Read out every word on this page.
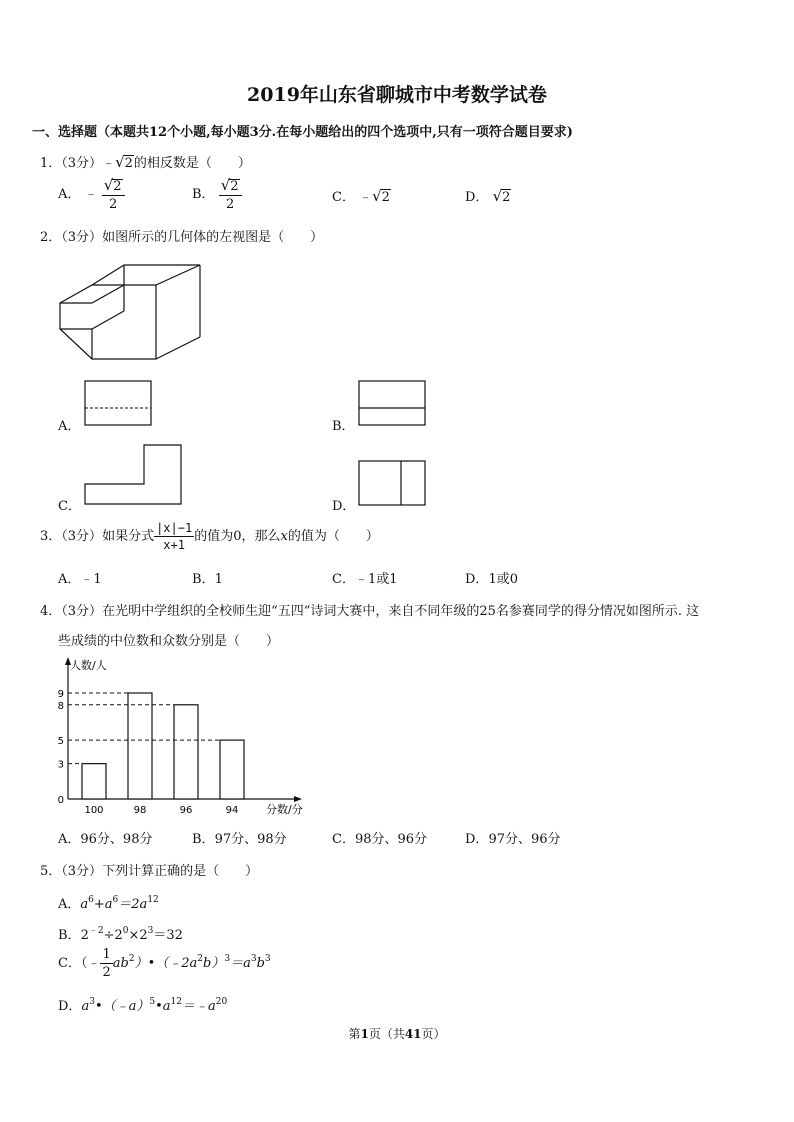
2019年山东省聊城市中考数学试卷
一、选择题（本题共12个小题,每小题3分.在每小题给出的四个选项中,只有一项符合题目要求)
1．（3分）﹣√2的相反数是（　　）
A． ﹣ $\frac{√2}{2}$	B． $\frac{√2}{2}$	C． ﹣√2	D． √2
2．（3分）如图所示的几何体的左视图是（　　）
A．	B．
C．	D．
3．（3分）如果分式 $\frac{|x|-1}{x+1}$ 的值为0，那么x的值为（　　）
A．﹣1	B．1	C．﹣1或1	D．1或0
4．（3分）在光明中学组织的全校师生迎“五四”诗词大赛中，来自不同年级的25名参赛同学的得分情况如图所示. 这
些成绩的中位数和众数分别是（　　）
人数/人
分数/分
100	98	96	94
0
3
5
8
9
A．96分、98分	B．97分、98分	C．98分、96分	D．97分、96分
5．（3分）下列计算正确的是（　　）
A．$a^6+a^6=2a^{12}$
B．$2^{﹣2}\div 2^0\times 2^3=32$
C．（﹣ $\frac{1}{2}$ $ab^2)•(﹣2a^2b)^3=a^3b^3$
D．$a^3•(﹣a)^5•a^{12}=﹣a^{20}$
第1页（共41页）
